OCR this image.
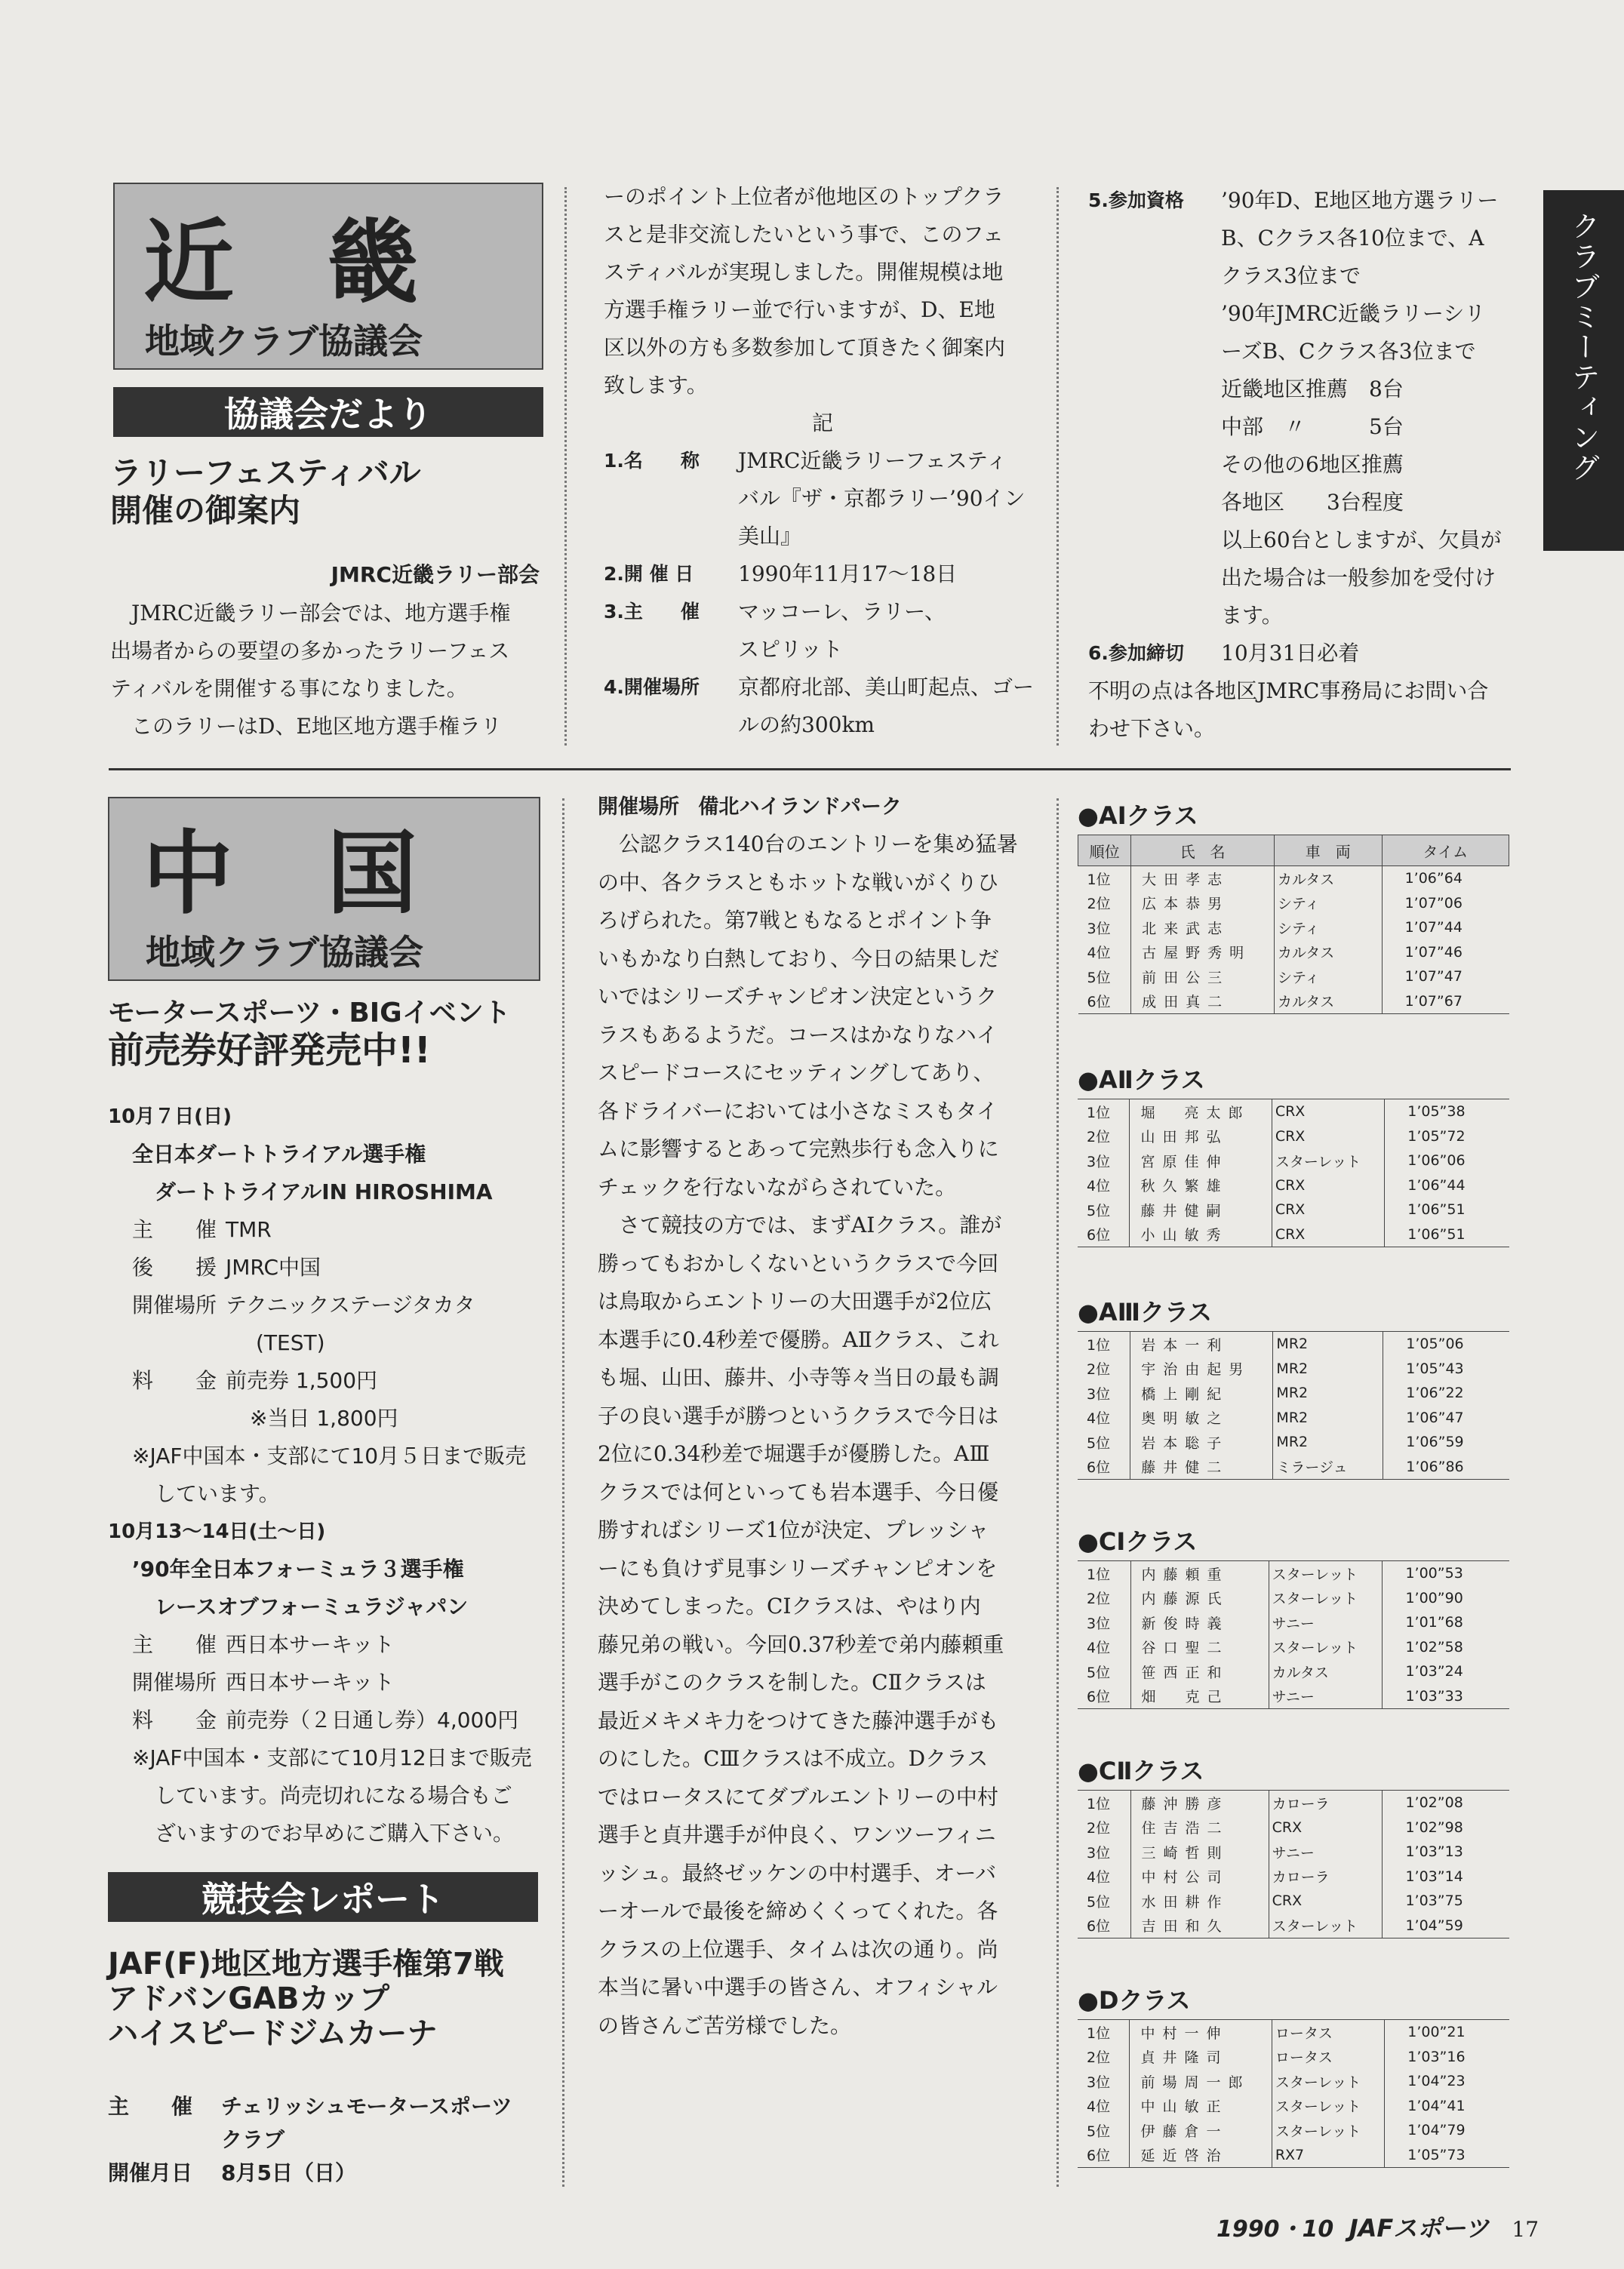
クラブミーティング
近　畿
地域クラブ協議会
協議会だより
ラリーフェスティバル
開催の御案内
JMRC近畿ラリー部会
JMRC近畿ラリー部会では、地方選手権
出場者からの要望の多かったラリーフェス
ティバルを開催する事になりました。
このラリーはD、E地区地方選手権ラリ
ーのポイント上位者が他地区のトップクラ
スと是非交流したいという事で、このフェ
スティバルが実現しました。開催規模は地
方選手権ラリー並で行いますが、D、E地
区以外の方も多数参加して頂きたく御案内
致します。
記
1.名　　称	JMRC近畿ラリーフェスティ
バル『ザ・京都ラリー’90イン
美山』
2.開 催 日	1990年11月17～18日
3.主　　催	マッコーレ、ラリー、
スピリット
4.開催場所	京都府北部、美山町起点、ゴー
ルの約300km
5.参加資格	’90年D、E地区地方選ラリー
B、Cクラス各10位まで、A
クラス3位まで
’90年JMRC近畿ラリーシリ
ーズB、Cクラス各3位まで
近畿地区推薦　8台
中部　〃　　　5台
その他の6地区推薦
各地区　　3台程度
以上60台としますが、欠員が
出た場合は一般参加を受付け
ます。
6.参加締切	10月31日必着
不明の点は各地区JMRC事務局にお問い合
わせ下さい。
中　国
地域クラブ協議会
モータースポーツ・BIGイベント
前売券好評発売中!!
10月７日(日)
全日本ダートトライアル選手権
ダートトライアルIN HIROSHIMA
主　　催 TMR
後　　援 JMRC中国
開催場所 テクニックステージタカタ
(TEST)
料　　金 前売券 1,500円
※当日 1,800円
※JAF中国本・支部にて10月５日まで販売
しています。
10月13～14日(土～日)
’90年全日本フォーミュラ３選手権
レースオブフォーミュラジャパン
主　　催 西日本サーキット
開催場所 西日本サーキット
料　　金 前売券（２日通し券）4,000円
※JAF中国本・支部にて10月12日まで販売
しています。尚売切れになる場合もご
ざいますのでお早めにご購入下さい。
競技会レポート
JAF(F)地区地方選手権第7戦
アドバンGABカップ
ハイスピードジムカーナ
主　　催	チェリッシュモータースポーツ
クラブ
開催月日	8月5日（日）
開催場所 備北ハイランドパーク
公認クラス140台のエントリーを集め猛暑
の中、各クラスともホットな戦いがくりひ
ろげられた。第7戦ともなるとポイント争
いもかなり白熱しており、今日の結果しだ
いではシリーズチャンピオン決定というク
ラスもあるようだ。コースはかなりなハイ
スピードコースにセッティングしてあり、
各ドライバーにおいては小さなミスもタイ
ムに影響するとあって完熟歩行も念入りに
チェックを行ないながらされていた。
さて競技の方では、まずAⅠクラス。誰が
勝ってもおかしくないというクラスで今回
は鳥取からエントリーの大田選手が2位広
本選手に0.4秒差で優勝。AⅡクラス、これ
も堀、山田、藤井、小寺等々当日の最も調
子の良い選手が勝つというクラスで今日は
2位に0.34秒差で堀選手が優勝した。AⅢ
クラスでは何といっても岩本選手、今日優
勝すればシリーズ1位が決定、プレッシャ
ーにも負けず見事シリーズチャンピオンを
決めてしまった。CⅠクラスは、やはり内
藤兄弟の戦い。今回0.37秒差で弟内藤頼重
選手がこのクラスを制した。CⅡクラスは
最近メキメキ力をつけてきた藤沖選手がも
のにした。CⅢクラスは不成立。Dクラス
ではロータスにてダブルエントリーの中村
選手と貞井選手が仲良く、ワンツーフィニ
ッシュ。最終ゼッケンの中村選手、オーバ
ーオールで最後を締めくくってくれた。各
クラスの上位選手、タイムは次の通り。尚
本当に暑い中選手の皆さん、オフィシャル
の皆さんご苦労様でした。
●AⅠクラス
順位	氏　名	車　両	タイム
1位	大田孝志	カルタス	1’06”64
2位	広本恭男	シティ	1’07”06
3位	北来武志	シティ	1’07”44
4位	古屋野秀明	カルタス	1’07”46
5位	前田公三	シティ	1’07”47
6位	成田真二	カルタス	1’07”67
●AⅡクラス
1位	堀　亮太郎	CRX	1’05”38
2位	山田邦弘	CRX	1’05”72
3位	宮原佳伸	スターレット	1’06”06
4位	秋久繁雄	CRX	1’06”44
5位	藤井健嗣	CRX	1’06”51
6位	小山敏秀	CRX	1’06”51
●AⅢクラス
1位	岩本一利	MR2	1’05”06
2位	宇治由起男	MR2	1’05”43
3位	橋上剛紀	MR2	1’06”22
4位	奥明敏之	MR2	1’06”47
5位	岩本聡子	MR2	1’06”59
6位	藤井健二	ミラージュ	1’06”86
●CⅠクラス
1位	内藤頼重	スターレット	1’00”53
2位	内藤源氏	スターレット	1’00”90
3位	新俊時義	サニー	1’01”68
4位	谷口聖二	スターレット	1’02”58
5位	笹西正和	カルタス	1’03”24
6位	畑　克己	サニー	1’03”33
●CⅡクラス
1位	藤沖勝彦	カローラ	1’02”08
2位	住吉浩二	CRX	1’02”98
3位	三崎哲則	サニー	1’03”13
4位	中村公司	カローラ	1’03”14
5位	水田耕作	CRX	1’03”75
6位	吉田和久	スターレット	1’04”59
●Dクラス
1位	中村一伸	ロータス	1’00”21
2位	貞井隆司	ロータス	1’03”16
3位	前場周一郎	スターレット	1’04”23
4位	中山敏正	スターレット	1’04”41
5位	伊藤倉一	スターレット	1’04”79
6位	延近啓治	RX7	1’05”73
1990・10 JAFスポーツ 17
